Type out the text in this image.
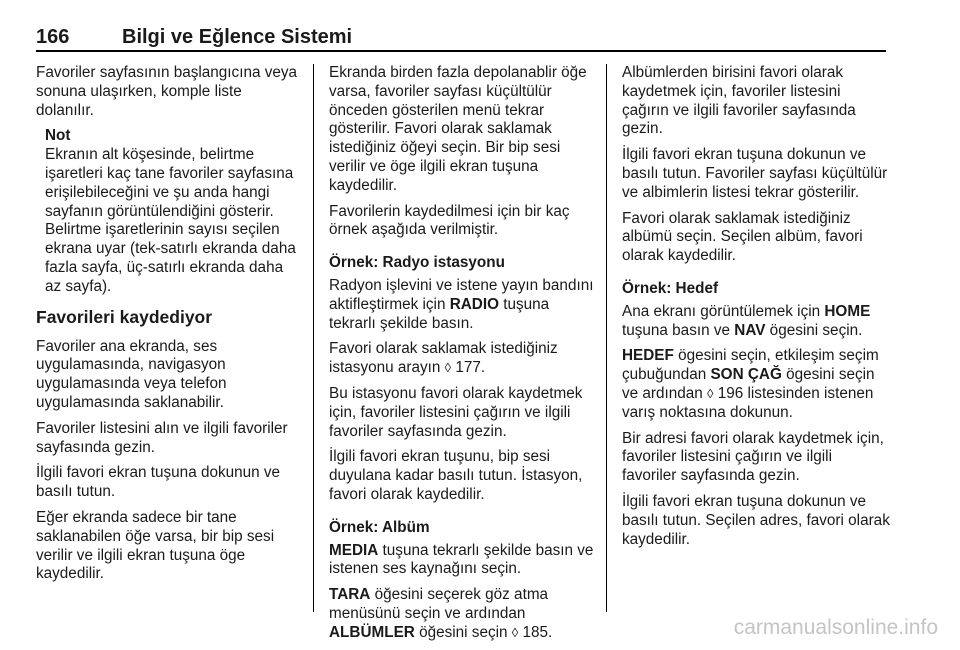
166	Bilgi ve Eğlence Sistemi

Favoriler sayfasının başlangıcına veya sonuna ulaşırken, komple liste dolanılır.

Not
Ekranın alt köşesinde, belirtme işaretleri kaç tane favoriler sayfasına erişilebileceğini ve şu anda hangi sayfanın görüntülendiğini gösterir. Belirtme işaretlerinin sayısı seçilen ekrana uyar (tek-satırlı ekranda daha fazla sayfa, üç-satırlı ekranda daha az sayfa).
Favorileri kaydediyor

Favoriler ana ekranda, ses uygulamasında, navigasyon uygulamasında veya telefon uygulamasında saklanabilir.

Favoriler listesini alın ve ilgili favoriler sayfasında gezin.

İlgili favori ekran tuşuna dokunun ve basılı tutun.

Eğer ekranda sadece bir tane saklanabilen öğe varsa, bir bip sesi verilir ve ilgili ekran tuşuna öge kaydedilir.

Ekranda birden fazla depolanablir öğe varsa, favoriler sayfası küçültülür önceden gösterilen menü tekrar gösterilir. Favori olarak saklamak istediğiniz öğeyi seçin. Bir bip sesi verilir ve öge ilgili ekran tuşuna kaydedilir.

Favorilerin kaydedilmesi için bir kaç örnek aşağıda verilmiştir.

Örnek: Radyo istasyonu

Radyon işlevini ve istene yayın bandını aktifleştirmek için RADIO tuşuna tekrarlı şekilde basın.

Favori olarak saklamak istediğiniz istasyonu arayın ◊ 177.

Bu istasyonu favori olarak kaydetmek için, favoriler listesini çağırın ve ilgili favoriler sayfasında gezin.

İlgili favori ekran tuşunu, bip sesi duyulana kadar basılı tutun. İstasyon, favori olarak kaydedilir.

Örnek: Albüm

MEDIA tuşuna tekrarlı şekilde basın ve istenen ses kaynağını seçin.

TARA öğesini seçerek göz atma menüsünü seçin ve ardından ALBÜMLER öğesini seçin ◊ 185.

Albümlerden birisini favori olarak kaydetmek için, favoriler listesini çağırın ve ilgili favoriler sayfasında gezin.

İlgili favori ekran tuşuna dokunun ve basılı tutun. Favoriler sayfası küçültülür ve albimlerin listesi tekrar gösterilir.

Favori olarak saklamak istediğiniz albümü seçin. Seçilen albüm, favori olarak kaydedilir.

Örnek: Hedef

Ana ekranı görüntülemek için HOME tuşuna basın ve NAV ögesini seçin.

HEDEF ögesini seçin, etkileşim seçim çubuğundan SON ÇAĞ ögesini seçin ve ardından ◊ 196 listesinden istenen varış noktasına dokunun.

Bir adresi favori olarak kaydetmek için, favoriler listesini çağırın ve ilgili favoriler sayfasında gezin.

İlgili favori ekran tuşuna dokunun ve basılı tutun. Seçilen adres, favori olarak kaydedilir.

carmanualsonline.info
